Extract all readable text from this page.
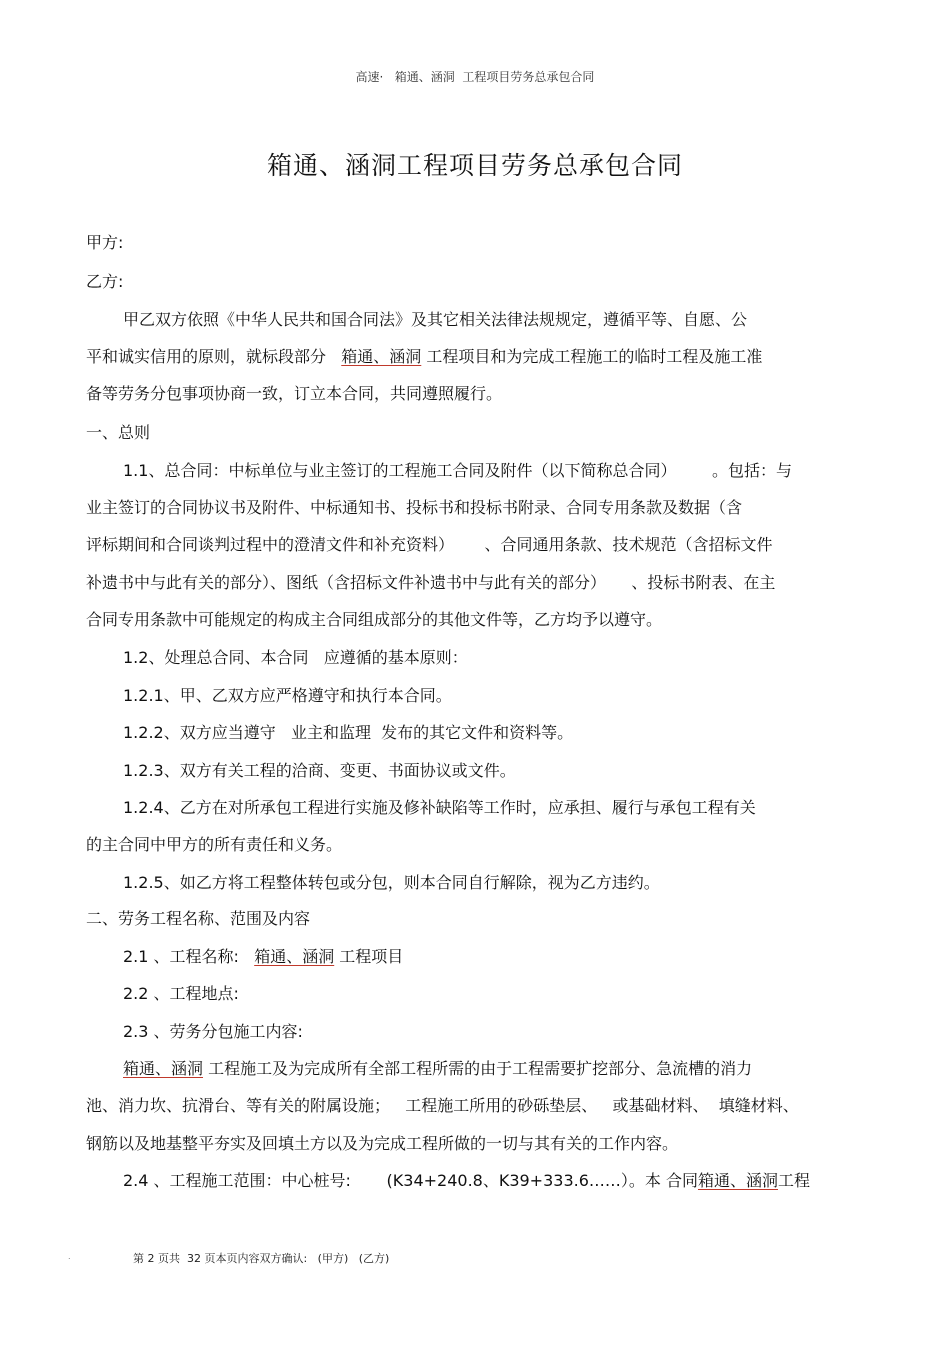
高速·   箱通、涵洞  工程项目劳务总承包合同
箱通、涵洞工程项目劳务总承包合同
甲方:
乙方:
甲乙双方依照《中华人民共和国合同法》及其它相关法律法规规定，遵循平等、自愿、公
平和诚实信用的原则，就标段部分   箱通、涵洞 工程项目和为完成工程施工的临时工程及施工准
备等劳务分包事项协商一致，订立本合同，共同遵照履行。
一、总则
1.1、总合同：中标单位与业主签订的工程施工合同及附件（以下简称总合同）       。包括：与
业主签订的合同协议书及附件、中标通知书、投标书和投标书附录、合同专用条款及数据（含
评标期间和合同谈判过程中的澄清文件和补充资料）      、合同通用条款、技术规范（含招标文件
补遗书中与此有关的部分）、图纸（含招标文件补遗书中与此有关的部分）     、投标书附表、在主
合同专用条款中可能规定的构成主合同组成部分的其他文件等，乙方均予以遵守。
1.2、处理总合同、本合同   应遵循的基本原则：
1.2.1、甲、乙双方应严格遵守和执行本合同。
1.2.2、双方应当遵守   业主和监理  发布的其它文件和资料等。
1.2.3、双方有关工程的洽商、变更、书面协议或文件。
1.2.4、乙方在对所承包工程进行实施及修补缺陷等工作时，应承担、履行与承包工程有关
的主合同中甲方的所有责任和义务。
1.2.5、如乙方将工程整体转包或分包，则本合同自行解除，视为乙方违约。
二、劳务工程名称、范围及内容
2.1 、工程名称:   箱通、涵洞 工程项目
2.2 、工程地点:
2.3 、劳务分包施工内容:
箱通、涵洞 工程施工及为完成所有全部工程所需的由于工程需要扩挖部分、急流槽的消力
池、消力坎、抗滑台、等有关的附属设施；   工程施工所用的砂砾垫层、   或基础材料、  填缝材料、
钢筋以及地基整平夯实及回填土方以及为完成工程所做的一切与其有关的工作内容。
2.4 、工程施工范围：中心桩号:       (K34+240.8、K39+333.6……）。本 合同箱通、涵洞工程
.	第 2 页共  32 页本页内容双方确认:   (甲方)   (乙方)
